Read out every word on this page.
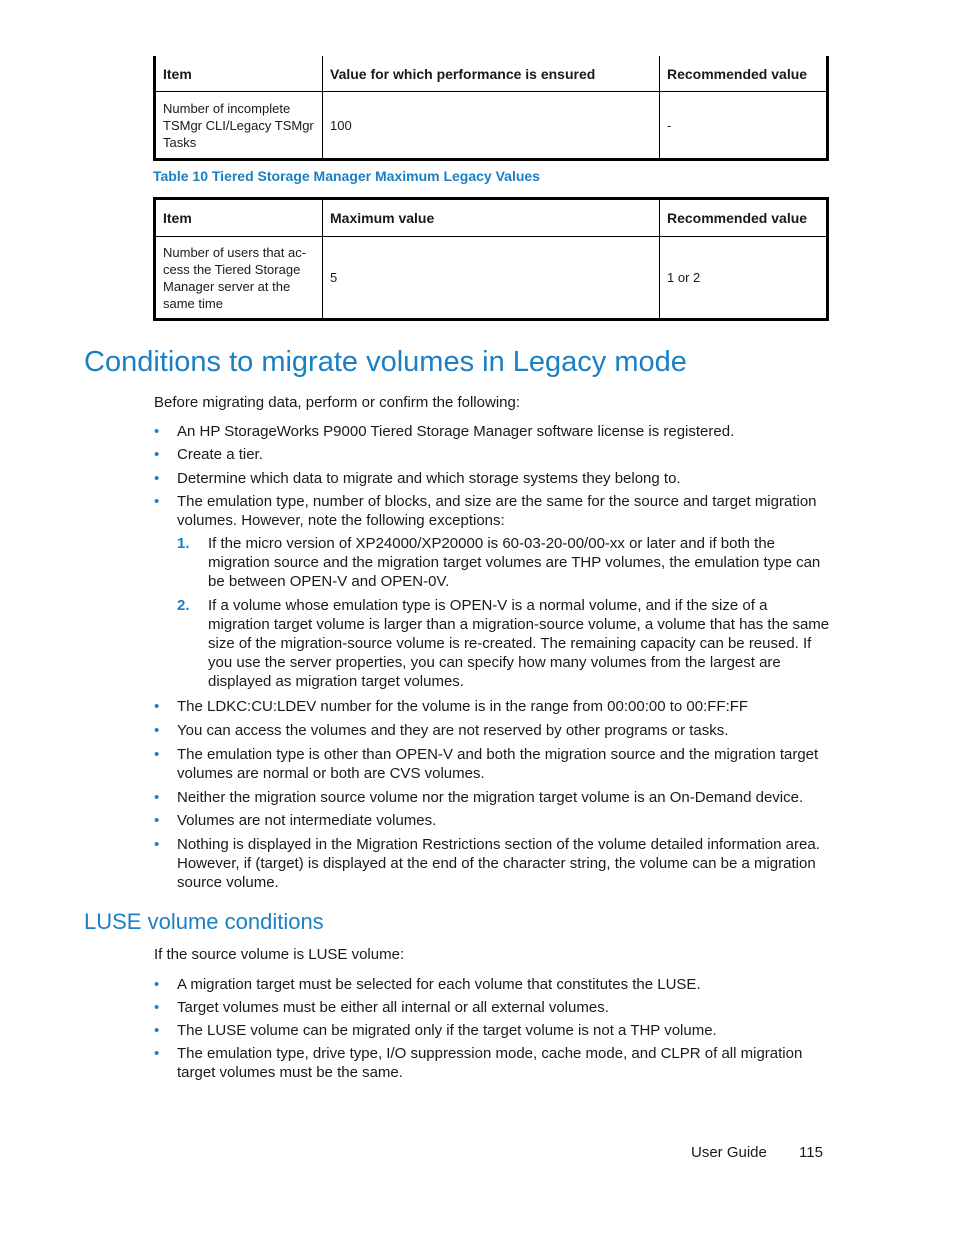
Item	Value for which performance is ensured	Recommended value
Number of incomplete TSMgr CLI/Legacy TSMgr Tasks	100	-
Table 10 Tiered Storage Manager Maximum Legacy Values
Item	Maximum value	Recommended value
Number of users that ac-cess the Tiered Storage Manager server at the same time	5	1 or 2
Conditions to migrate volumes in Legacy mode
Before migrating data, perform or confirm the following:
• An HP StorageWorks P9000 Tiered Storage Manager software license is registered.
• Create a tier.
• Determine which data to migrate and which storage systems they belong to.
• The emulation type, number of blocks, and size are the same for the source and target migration volumes. However, note the following exceptions:
1. If the micro version of XP24000/XP20000 is 60-03-20-00/00-xx or later and if both the migration source and the migration target volumes are THP volumes, the emulation type can be between OPEN-V and OPEN-0V.
2. If a volume whose emulation type is OPEN-V is a normal volume, and if the size of a migration target volume is larger than a migration-source volume, a volume that has the same size of the migration-source volume is re-created. The remaining capacity can be reused. If you use the server properties, you can specify how many volumes from the largest are displayed as migration target volumes.
• The LDKC:CU:LDEV number for the volume is in the range from 00:00:00 to 00:FF:FF
• You can access the volumes and they are not reserved by other programs or tasks.
• The emulation type is other than OPEN-V and both the migration source and the migration target volumes are normal or both are CVS volumes.
• Neither the migration source volume nor the migration target volume is an On-Demand device.
• Volumes are not intermediate volumes.
• Nothing is displayed in the Migration Restrictions section of the volume detailed information area. However, if (target) is displayed at the end of the character string, the volume can be a migration source volume.
LUSE volume conditions
If the source volume is LUSE volume:
• A migration target must be selected for each volume that constitutes the LUSE.
• Target volumes must be either all internal or all external volumes.
• The LUSE volume can be migrated only if the target volume is not a THP volume.
• The emulation type, drive type, I/O suppression mode, cache mode, and CLPR of all migration target volumes must be the same.
User Guide 115
